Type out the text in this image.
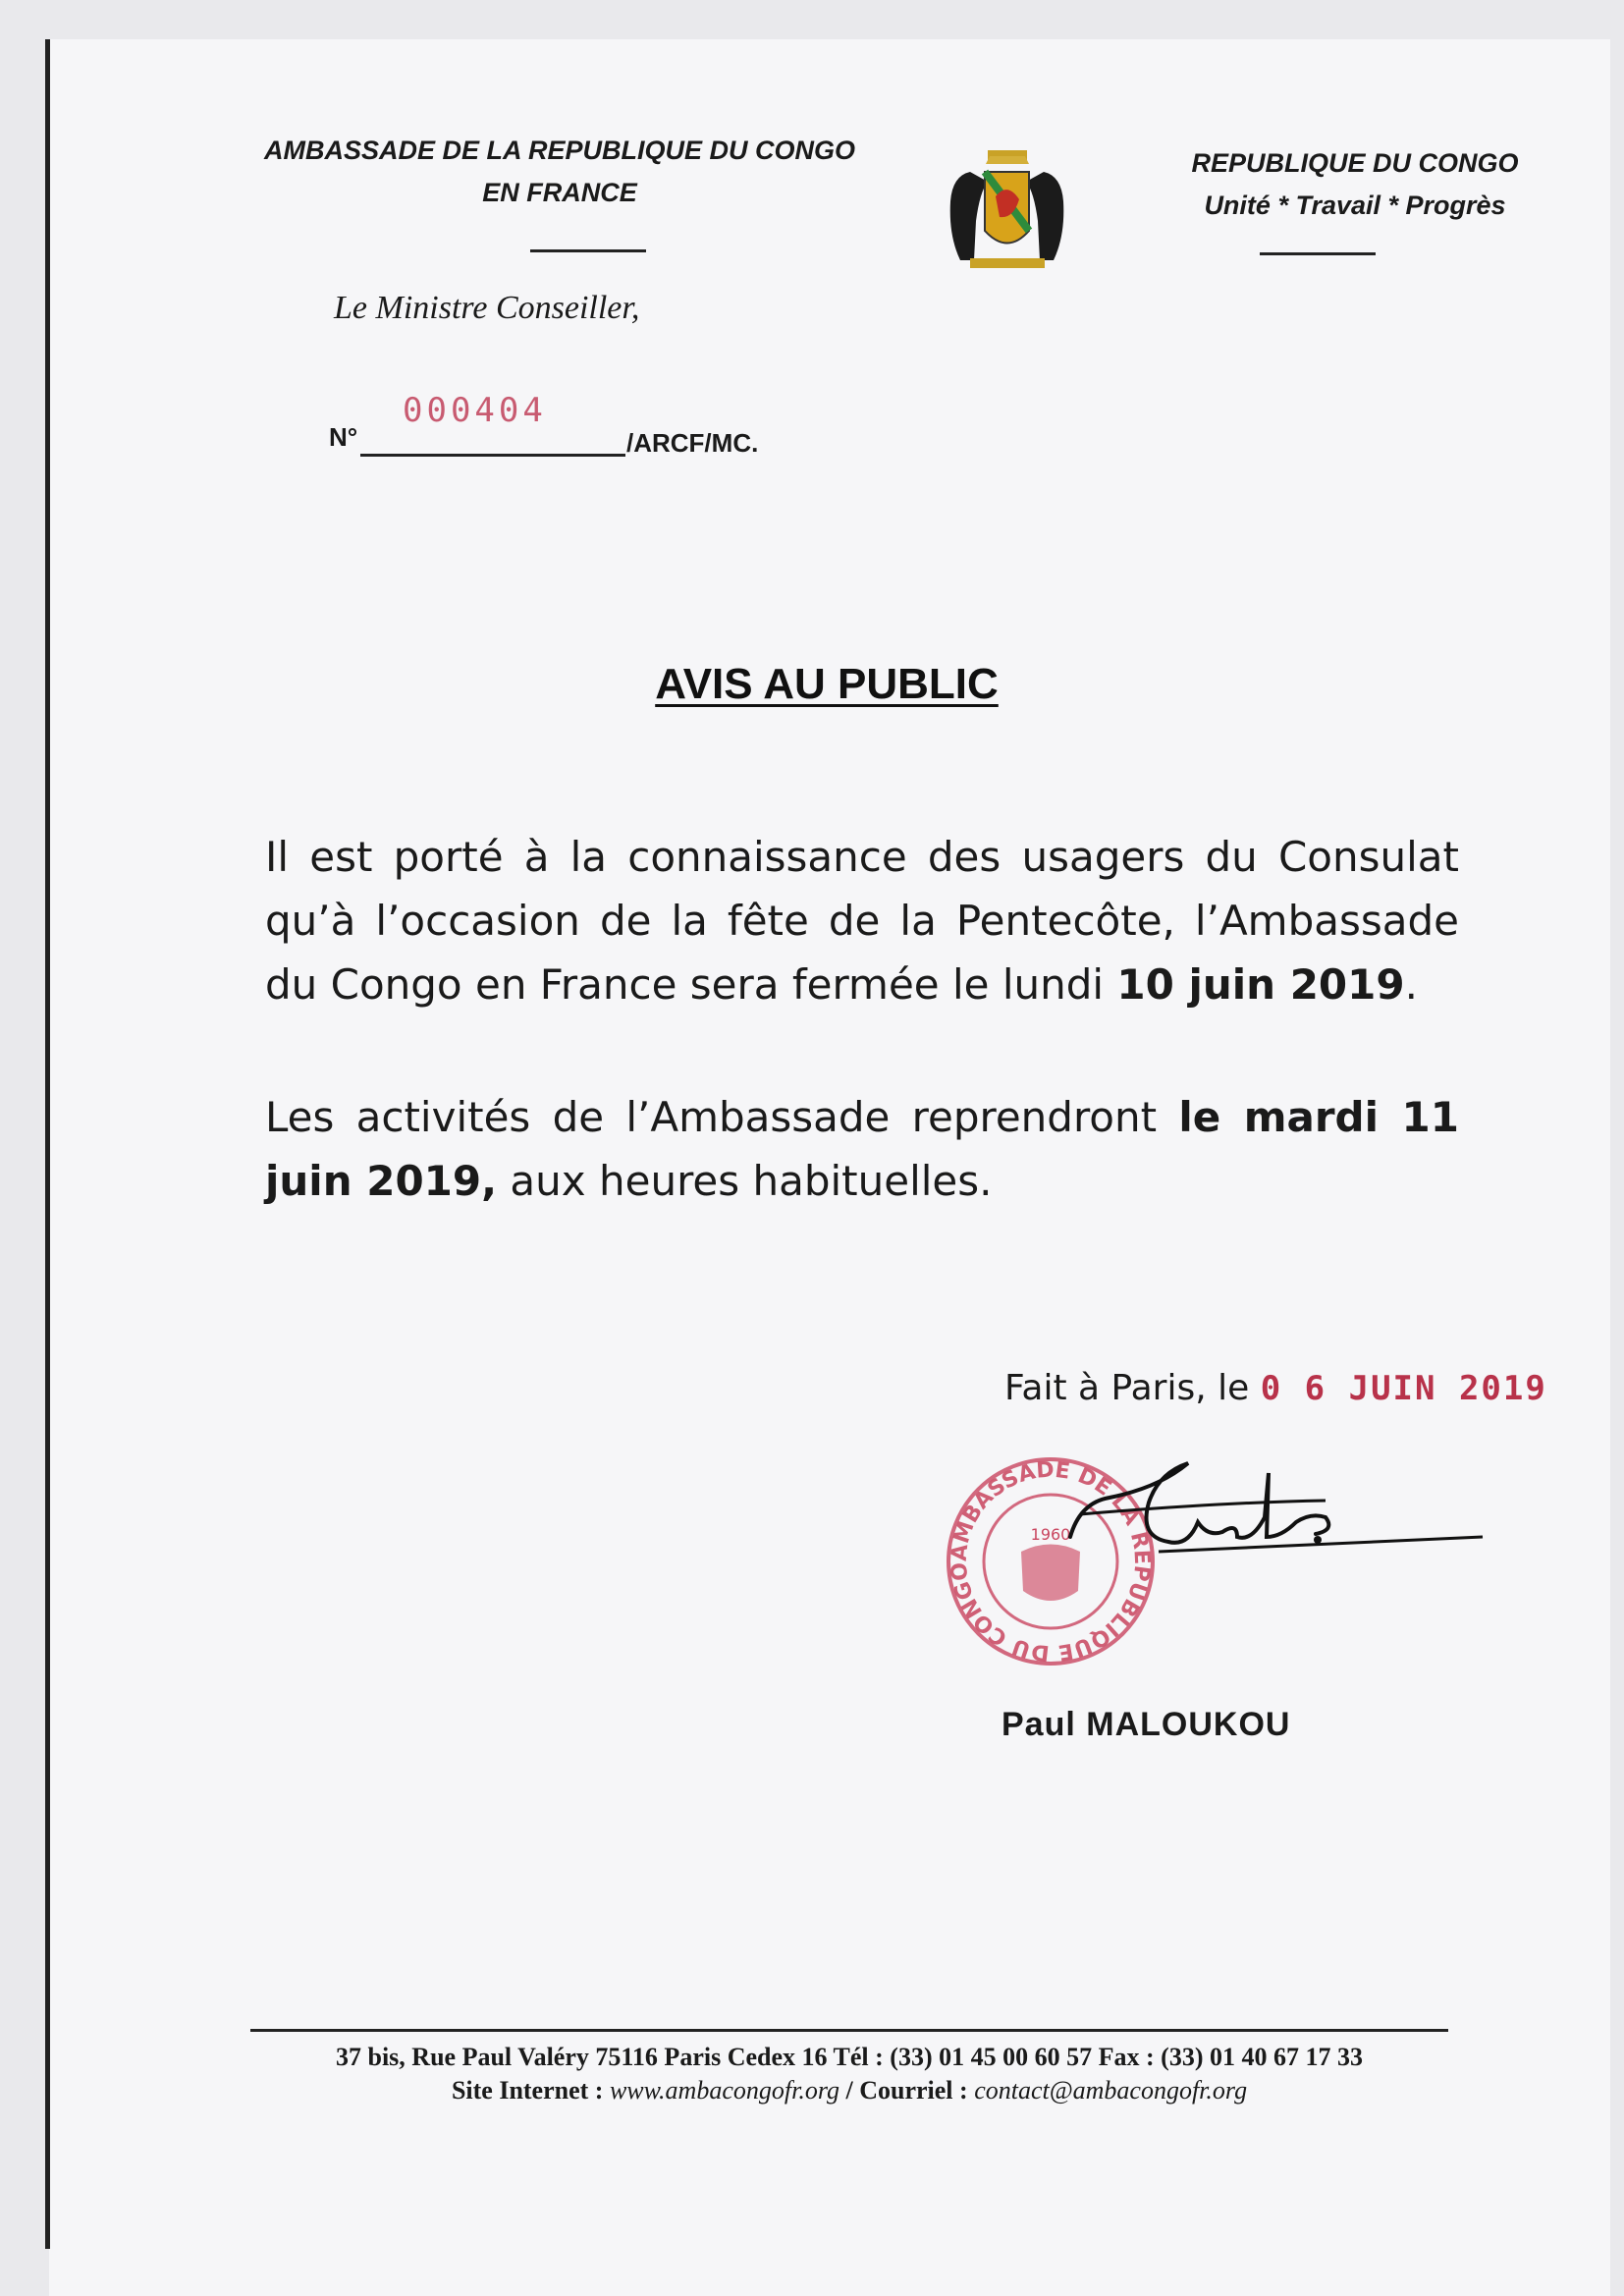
AMBASSADE DE LA REPUBLIQUE DU CONGO
EN FRANCE
REPUBLIQUE DU CONGO
Unité * Travail * Progrès
Le Ministre Conseiller,
N°
000404
/ARCF/MC.
AVIS AU PUBLIC
Il est porté à la connaissance des usagers du Consulat qu’à l’occasion de la fête de la Pentecôte, l’Ambassade du Congo en France sera fermée le lundi 10 juin 2019.
Les activités de l’Ambassade reprendront le mardi 11 juin 2019, aux heures habituelles.
Fait à Paris, le 0 6 JUIN 2019
AMBASSADE DE LA REPUBLIQUE DU CONGO
1960
Paul MALOUKOU
37 bis, Rue Paul Valéry 75116 Paris Cedex 16 Tél : (33) 01 45 00 60 57 Fax : (33) 01 40 67 17 33
Site Internet : www.ambacongofr.org / Courriel : contact@ambacongofr.org
